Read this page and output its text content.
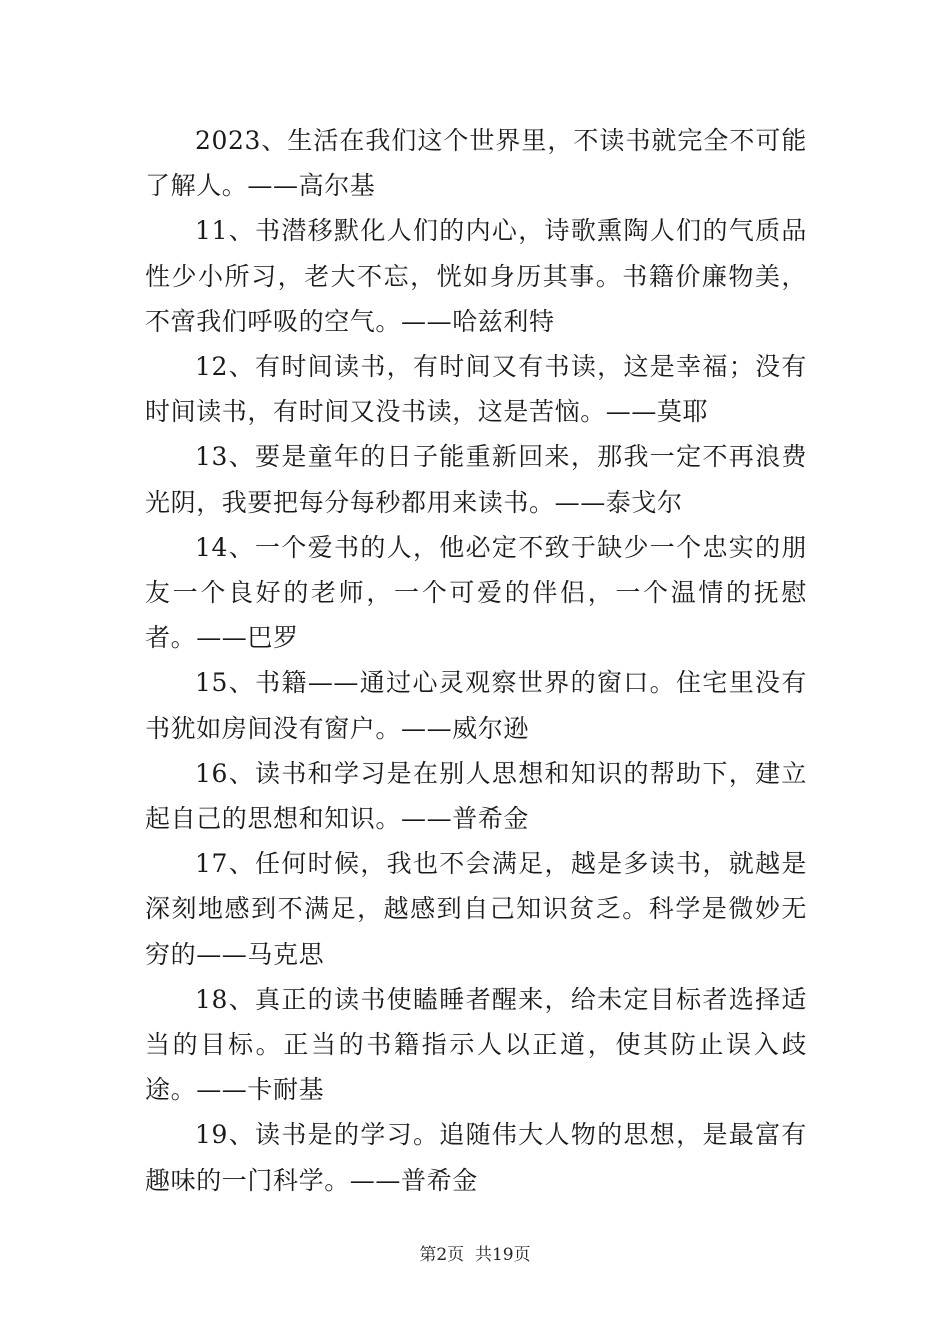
2023、生活在我们这个世界里，不读书就完全不可能了解人。——高尔基

11、书潜移默化人们的内心，诗歌熏陶人们的气质品性少小所习，老大不忘，恍如身历其事。书籍价廉物美，不啻我们呼吸的空气。——哈兹利特

12、有时间读书，有时间又有书读，这是幸福；没有时间读书，有时间又没书读，这是苦恼。——莫耶

13、要是童年的日子能重新回来，那我一定不再浪费光阴，我要把每分每秒都用来读书。——泰戈尔

14、一个爱书的人，他必定不致于缺少一个忠实的朋友一个良好的老师，一个可爱的伴侣，一个温情的抚慰者。——巴罗

15、书籍——通过心灵观察世界的窗口。住宅里没有书犹如房间没有窗户。——威尔逊

16、读书和学习是在别人思想和知识的帮助下，建立起自己的思想和知识。——普希金

17、任何时候，我也不会满足，越是多读书，就越是深刻地感到不满足，越感到自己知识贫乏。科学是微妙无穷的——马克思

18、真正的读书使瞌睡者醒来，给未定目标者选择适当的目标。正当的书籍指示人以正道，使其防止误入歧途。——卡耐基

19、读书是的学习。追随伟大人物的思想，是最富有趣味的一门科学。——普希金

第2页  共19页
